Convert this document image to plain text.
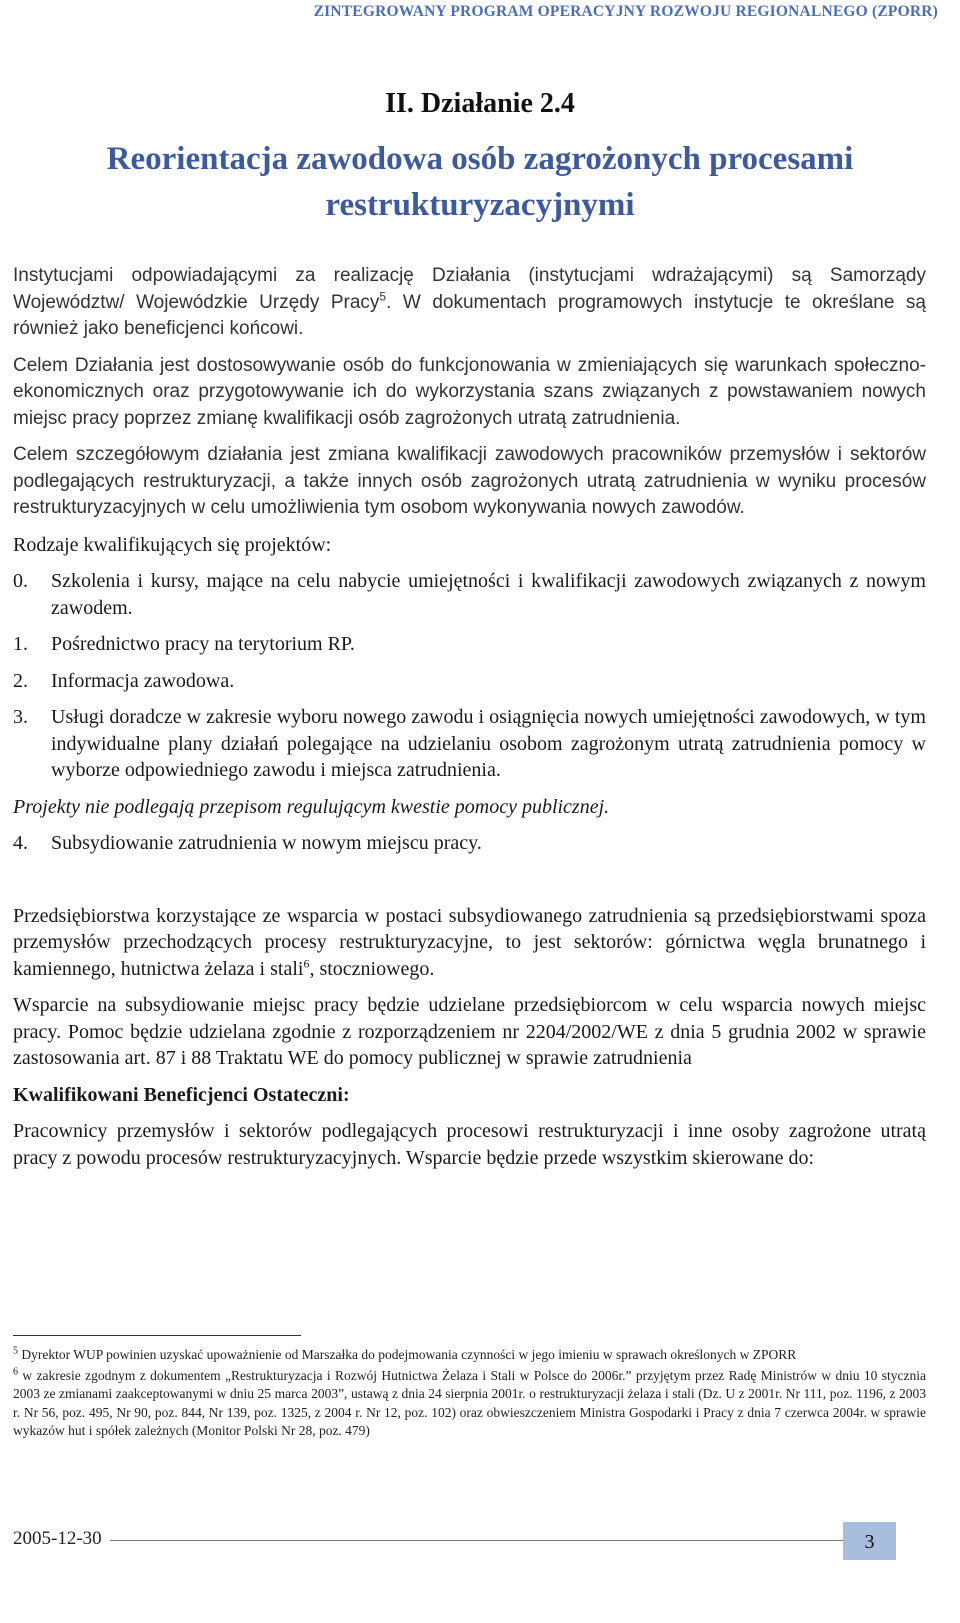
ZINTEGROWANY PROGRAM OPERACYJNY ROZWOJU REGIONALNEGO (ZPORR)
II. Działanie 2.4
Reorientacja zawodowa osób zagrożonych procesami restrukturyzacyjnymi

Instytucjami odpowiadającymi za realizację Działania (instytucjami wdrażającymi) są Samorządy Województw/ Wojewódzkie Urzędy Pracy$^5$. W dokumentach programowych instytucje te określane są również jako beneficjenci końcowi.

Celem Działania jest dostosowywanie osób do funkcjonowania w zmieniających się warunkach społeczno-ekonomicznych oraz przygotowywanie ich do wykorzystania szans związanych z powstawaniem nowych miejsc pracy poprzez zmianę kwalifikacji osób zagrożonych utratą zatrudnienia.

Celem szczegółowym działania jest zmiana kwalifikacji zawodowych pracowników przemysłów i sektorów podlegających restrukturyzacji, a także innych osób zagrożonych utratą zatrudnienia w wyniku procesów restrukturyzacyjnych w celu umożliwienia tym osobom wykonywania nowych zawodów.

Rodzaje kwalifikujących się projektów:

0.	Szkolenia i kursy, mające na celu nabycie umiejętności i kwalifikacji zawodowych związanych z nowym zawodem.
1.	Pośrednictwo pracy na terytorium RP.
2.	Informacja zawodowa.
3.	Usługi doradcze w zakresie wyboru nowego zawodu i osiągnięcia nowych umiejętności zawodowych, w tym indywidualne plany działań polegające na udzielaniu osobom zagrożonym utratą zatrudnienia pomocy w wyborze odpowiedniego zawodu i miejsca zatrudnienia.

Projekty nie podlegają przepisom regulującym kwestie pomocy publicznej.

4.	Subsydiowanie zatrudnienia w nowym miejscu pracy.

Przedsiębiorstwa korzystające ze wsparcia w postaci subsydiowanego zatrudnienia są przedsiębiorstwami spoza przemysłów przechodzących procesy restrukturyzacyjne, to jest sektorów: górnictwa węgla brunatnego i kamiennego, hutnictwa żelaza i stali$^6$, stoczniowego.

Wsparcie na subsydiowanie miejsc pracy będzie udzielane przedsiębiorcom w celu wsparcia nowych miejsc pracy. Pomoc będzie udzielana zgodnie z rozporządzeniem nr 2204/2002/WE z dnia 5 grudnia 2002 w sprawie zastosowania art. 87 i 88 Traktatu WE do pomocy publicznej w sprawie zatrudnienia

Kwalifikowani Beneficjenci Ostateczni:

Pracownicy przemysłów i sektorów podlegających procesowi restrukturyzacji i inne osoby zagrożone utratą pracy z powodu procesów restrukturyzacyjnych. Wsparcie będzie przede wszystkim skierowane do:

$^5$ Dyrektor WUP powinien uzyskać upoważnienie od Marszałka do podejmowania czynności w jego imieniu w sprawach określonych w ZPORR

$^6$ w zakresie zgodnym z dokumentem „Restrukturyzacja i Rozwój Hutnictwa Żelaza i Stali w Polsce do 2006r.” przyjętym przez Radę Ministrów w dniu 10 stycznia 2003 ze zmianami zaakceptowanymi w dniu 25 marca 2003”, ustawą z dnia 24 sierpnia 2001r. o restrukturyzacji żelaza i stali (Dz. U z 2001r. Nr 111, poz. 1196, z 2003 r. Nr 56, poz. 495, Nr 90, poz. 844, Nr 139, poz. 1325, z 2004 r. Nr 12, poz. 102) oraz obwieszczeniem Ministra Gospodarki i Pracy z dnia 7 czerwca 2004r. w sprawie wykazów hut i spółek zależnych (Monitor Polski Nr 28, poz. 479)

2005-12-30	3
